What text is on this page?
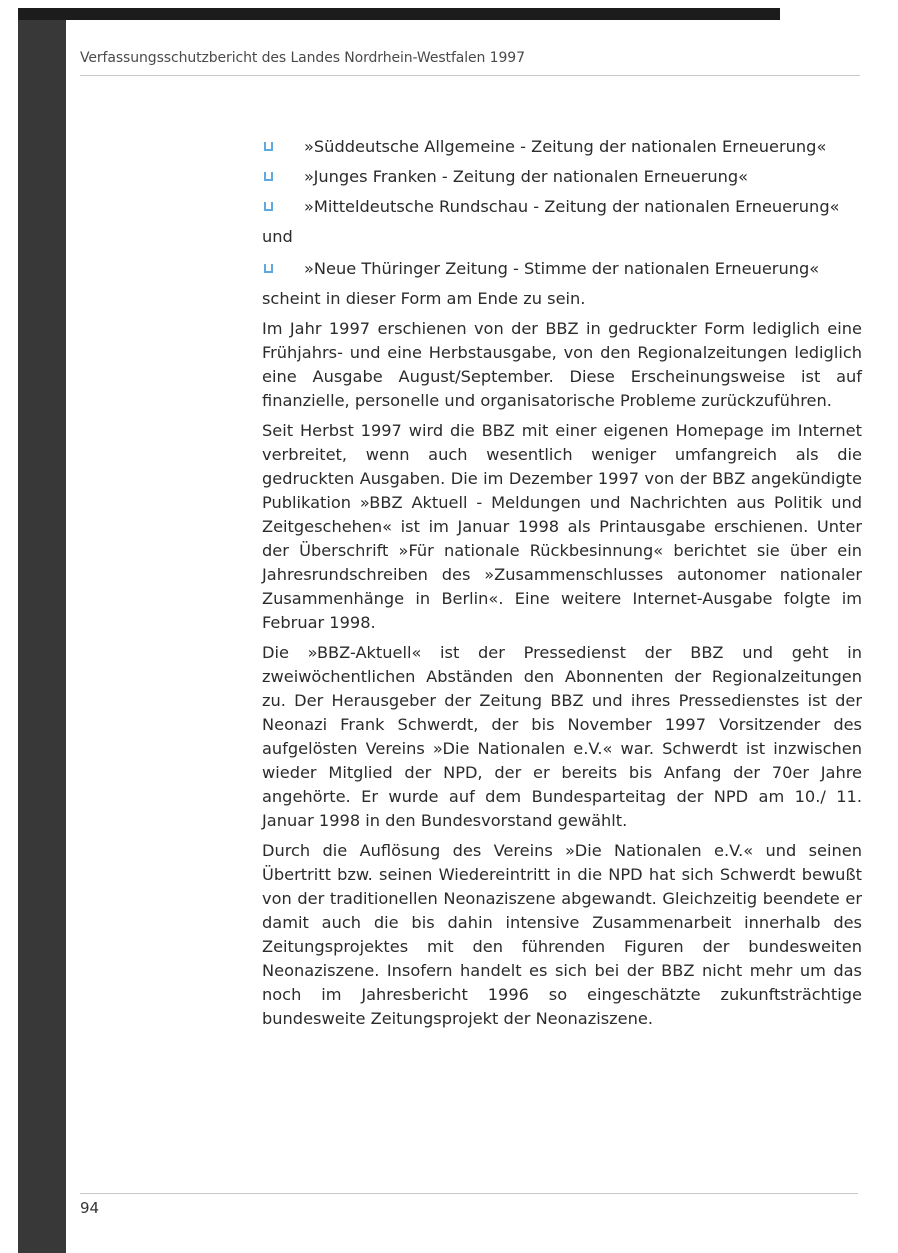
Verfassungsschutzbericht des Landes Nordrhein-Westfalen 1997
»Süddeutsche Allgemeine - Zeitung der nationalen Erneuerung«
»Junges Franken - Zeitung der nationalen Erneuerung«
»Mitteldeutsche Rundschau - Zeitung der nationalen Erneuerung«
und
»Neue Thüringer Zeitung - Stimme der nationalen Erneuerung«

scheint in dieser Form am Ende zu sein.

Im Jahr 1997 erschienen von der BBZ in gedruckter Form lediglich eine Frühjahrs- und eine Herbstausgabe, von den Regionalzeitungen lediglich eine Ausgabe August/September. Diese Erscheinungsweise ist auf finanzielle, personelle und organisatorische Probleme zurückzuführen.

Seit Herbst 1997 wird die BBZ mit einer eigenen Homepage im Internet verbreitet, wenn auch wesentlich weniger umfangreich als die gedruckten Ausgaben. Die im Dezember 1997 von der BBZ angekündigte Publikation »BBZ Aktuell - Meldungen und Nachrichten aus Politik und Zeitgeschehen« ist im Januar 1998 als Printausgabe erschienen. Unter der Überschrift »Für nationale Rückbesinnung« berichtet sie über ein Jahresrundschreiben des »Zusammenschlusses autonomer nationaler Zusammenhänge in Berlin«. Eine weitere Internet-Ausgabe folgte im Februar 1998.

Die »BBZ-Aktuell« ist der Pressedienst der BBZ und geht in zweiwöchentlichen Abständen den Abonnenten der Regionalzeitungen zu. Der Herausgeber der Zeitung BBZ und ihres Pressedienstes ist der Neonazi Frank Schwerdt, der bis November 1997 Vorsitzender des aufgelösten Vereins »Die Nationalen e.V.« war. Schwerdt ist inzwischen wieder Mitglied der NPD, der er bereits bis Anfang der 70er Jahre angehörte. Er wurde auf dem Bundesparteitag der NPD am 10./ 11. Januar 1998 in den Bundesvorstand gewählt.

Durch die Auflösung des Vereins »Die Nationalen e.V.« und seinen Übertritt bzw. seinen Wiedereintritt in die NPD hat sich Schwerdt bewußt von der traditionellen Neonaziszene abgewandt. Gleichzeitig beendete er damit auch die bis dahin intensive Zusammenarbeit innerhalb des Zeitungsprojektes mit den führenden Figuren der bundesweiten Neonaziszene. Insofern handelt es sich bei der BBZ nicht mehr um das noch im Jahresbericht 1996 so eingeschätzte zukunftsträchtige bundesweite Zeitungsprojekt der Neonaziszene.

94
